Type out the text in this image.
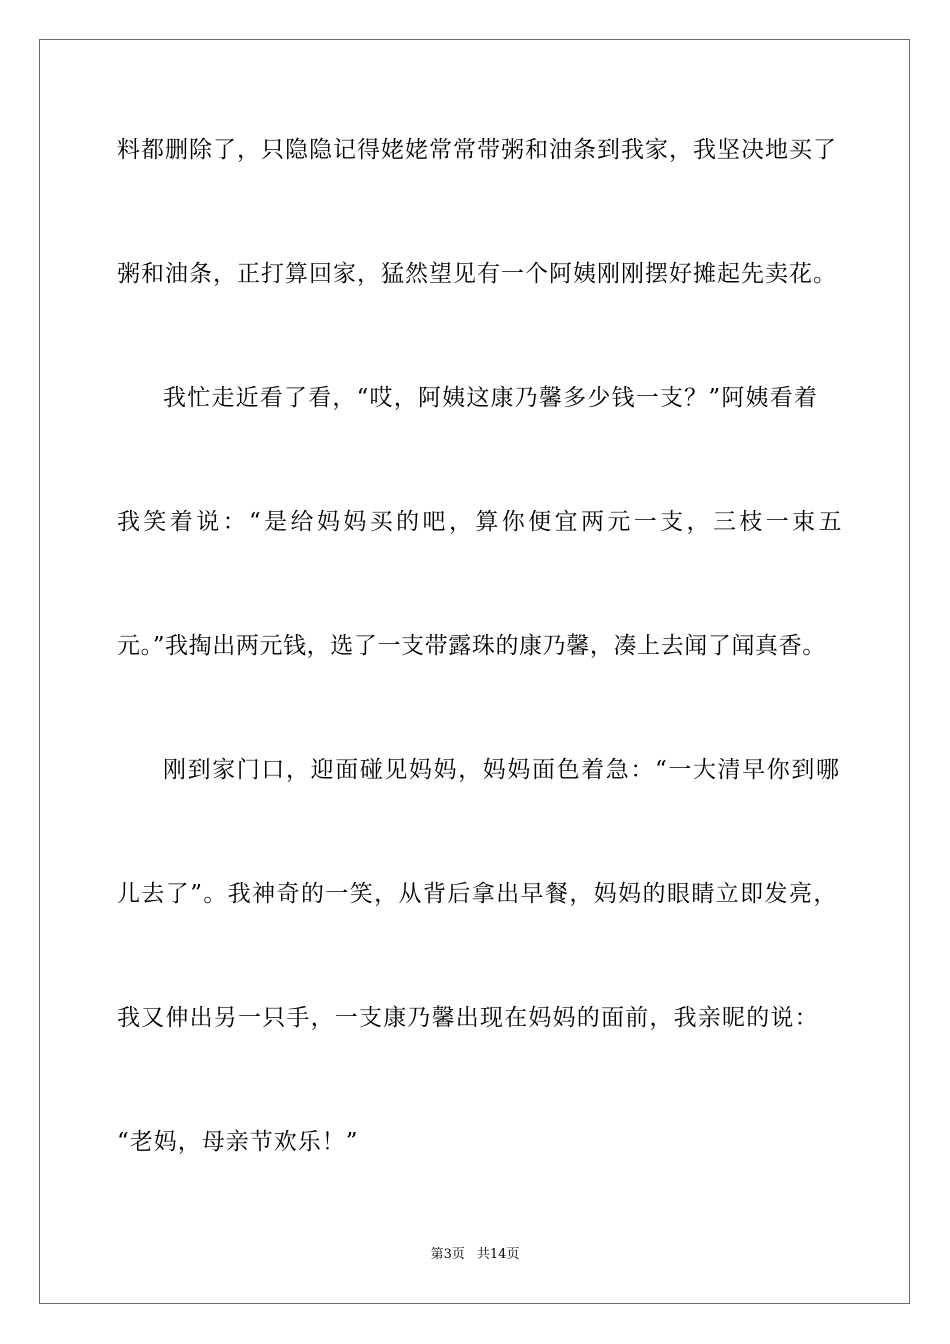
料都删除了，只隐隐记得姥姥常常带粥和油条到我家，我坚决地买了
粥和油条，正打算回家，猛然望见有一个阿姨刚刚摆好摊起先卖花。
我忙走近看了看，“哎，阿姨这康乃馨多少钱一支？”阿姨看着
我笑着说：“是给妈妈买的吧，算你便宜两元一支，三枝一束五
元。”我掏出两元钱，选了一支带露珠的康乃馨，凑上去闻了闻真香。
刚到家门口，迎面碰见妈妈，妈妈面色着急：“一大清早你到哪
儿去了”。我神奇的一笑，从背后拿出早餐，妈妈的眼睛立即发亮，
我又伸出另一只手，一支康乃馨出现在妈妈的面前，我亲昵的说：
“老妈，母亲节欢乐！”
第3页 共14页
